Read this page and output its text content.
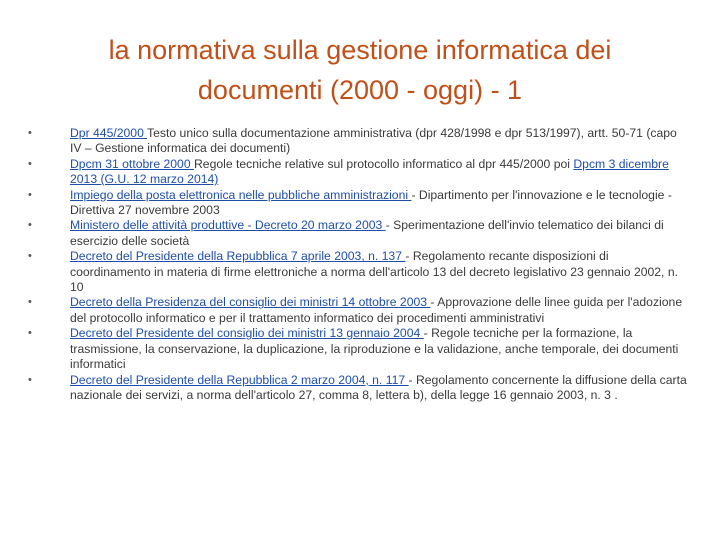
la normativa sulla gestione informatica dei
documenti (2000 - oggi) - 1
•	Dpr 445/2000 Testo unico sulla documentazione amministrativa (dpr 428/1998 e dpr 513/1997), artt. 50-71 (capo IV – Gestione informatica dei documenti)
•	Dpcm 31 ottobre 2000 Regole tecniche relative sul protocollo informatico al dpr 445/2000 poi Dpcm 3 dicembre 2013 (G.U. 12 marzo 2014)
•	Impiego della posta elettronica nelle pubbliche amministrazioni - Dipartimento per l'innovazione e le tecnologie - Direttiva 27 novembre 2003
•	Ministero delle attività produttive - Decreto 20 marzo 2003 - Sperimentazione dell'invio telematico dei bilanci di esercizio delle società
•	Decreto del Presidente della Repubblica 7 aprile 2003, n. 137 - Regolamento recante disposizioni di coordinamento in materia di firme elettroniche a norma dell'articolo 13 del decreto legislativo 23 gennaio 2002, n. 10
•	Decreto della Presidenza del consiglio dei ministri 14 ottobre 2003 - Approvazione delle linee guida per l'adozione del protocollo informatico e per il trattamento informatico dei procedimenti amministrativi
•	Decreto del Presidente del consiglio dei ministri 13 gennaio 2004 - Regole tecniche per la formazione, la trasmissione, la conservazione, la duplicazione, la riproduzione e la validazione, anche temporale, dei documenti informatici
•	Decreto del Presidente della Repubblica 2 marzo 2004, n. 117 - Regolamento concernente la diffusione della carta nazionale dei servizi, a norma dell'articolo 27, comma 8, lettera b), della legge 16 gennaio 2003, n. 3 .
